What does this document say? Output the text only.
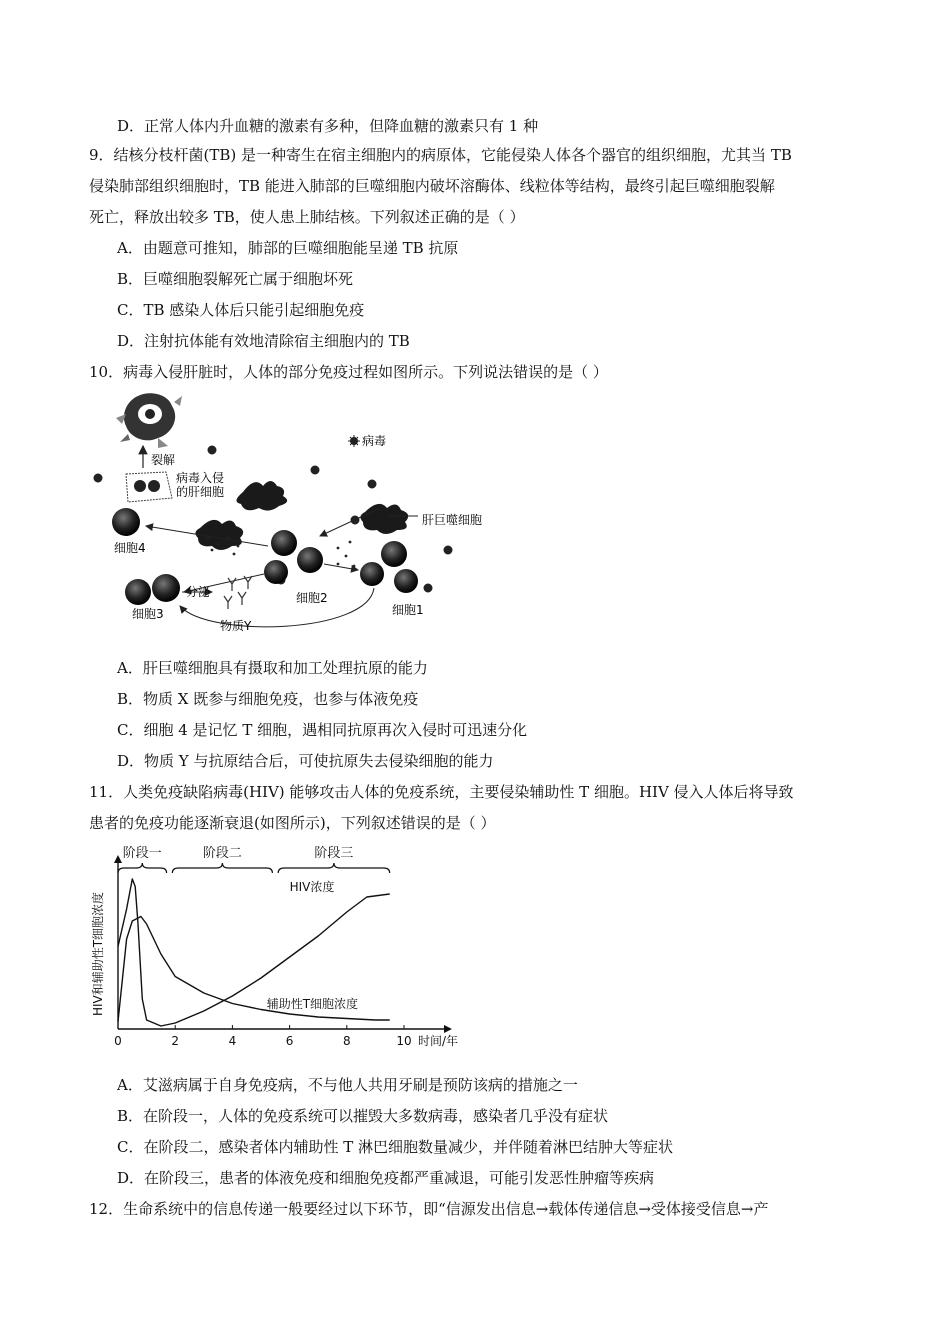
D．正常人体内升血糖的激素有多种，但降血糖的激素只有 1 种
9．结核分枝杆菌(TB) 是一种寄生在宿主细胞内的病原体，它能侵染人体各个器官的组织细胞，尤其当 TB
侵染肺部组织细胞时，TB 能进入肺部的巨噬细胞内破坏溶酶体、线粒体等结构，最终引起巨噬细胞裂解
死亡，释放出较多 TB，使人患上肺结核。下列叙述正确的是（ ）
A．由题意可推知，肺部的巨噬细胞能呈递 TB 抗原
B．巨噬细胞裂解死亡属于细胞坏死
C．TB 感染人体后只能引起细胞免疫
D．注射抗体能有效地清除宿主细胞内的 TB
10．病毒入侵肝脏时，人体的部分免疫过程如图所示。下列说法错误的是（ ）
裂解
病毒入侵
的肝细胞
病毒
肝巨噬细胞
细胞4
细胞2
细胞1
细胞3
分泌
物质Y
A．肝巨噬细胞具有摄取和加工处理抗原的能力
B．物质 X 既参与细胞免疫，也参与体液免疫
C．细胞 4 是记忆 T 细胞，遇相同抗原再次入侵时可迅速分化
D．物质 Y 与抗原结合后，可使抗原失去侵染细胞的能力
11．人类免疫缺陷病毒(HIV) 能够攻击人体的免疫系统，主要侵染辅助性 T 细胞。HIV 侵入人体后将导致
患者的免疫功能逐渐衰退(如图所示)，下列叙述错误的是（ ）
0	2	4	6	8	10 时间/年
HIV和辅助性T细胞浓度
阶段一	阶段二	阶段三
HIV浓度
辅助性T细胞浓度
A．艾滋病属于自身免疫病，不与他人共用牙刷是预防该病的措施之一
B．在阶段一，人体的免疫系统可以摧毁大多数病毒，感染者几乎没有症状
C．在阶段二，感染者体内辅助性 T 淋巴细胞数量减少，并伴随着淋巴结肿大等症状
D．在阶段三，患者的体液免疫和细胞免疫都严重减退，可能引发恶性肿瘤等疾病
12．生命系统中的信息传递一般要经过以下环节，即“信源发出信息→载体传递信息→受体接受信息→产
